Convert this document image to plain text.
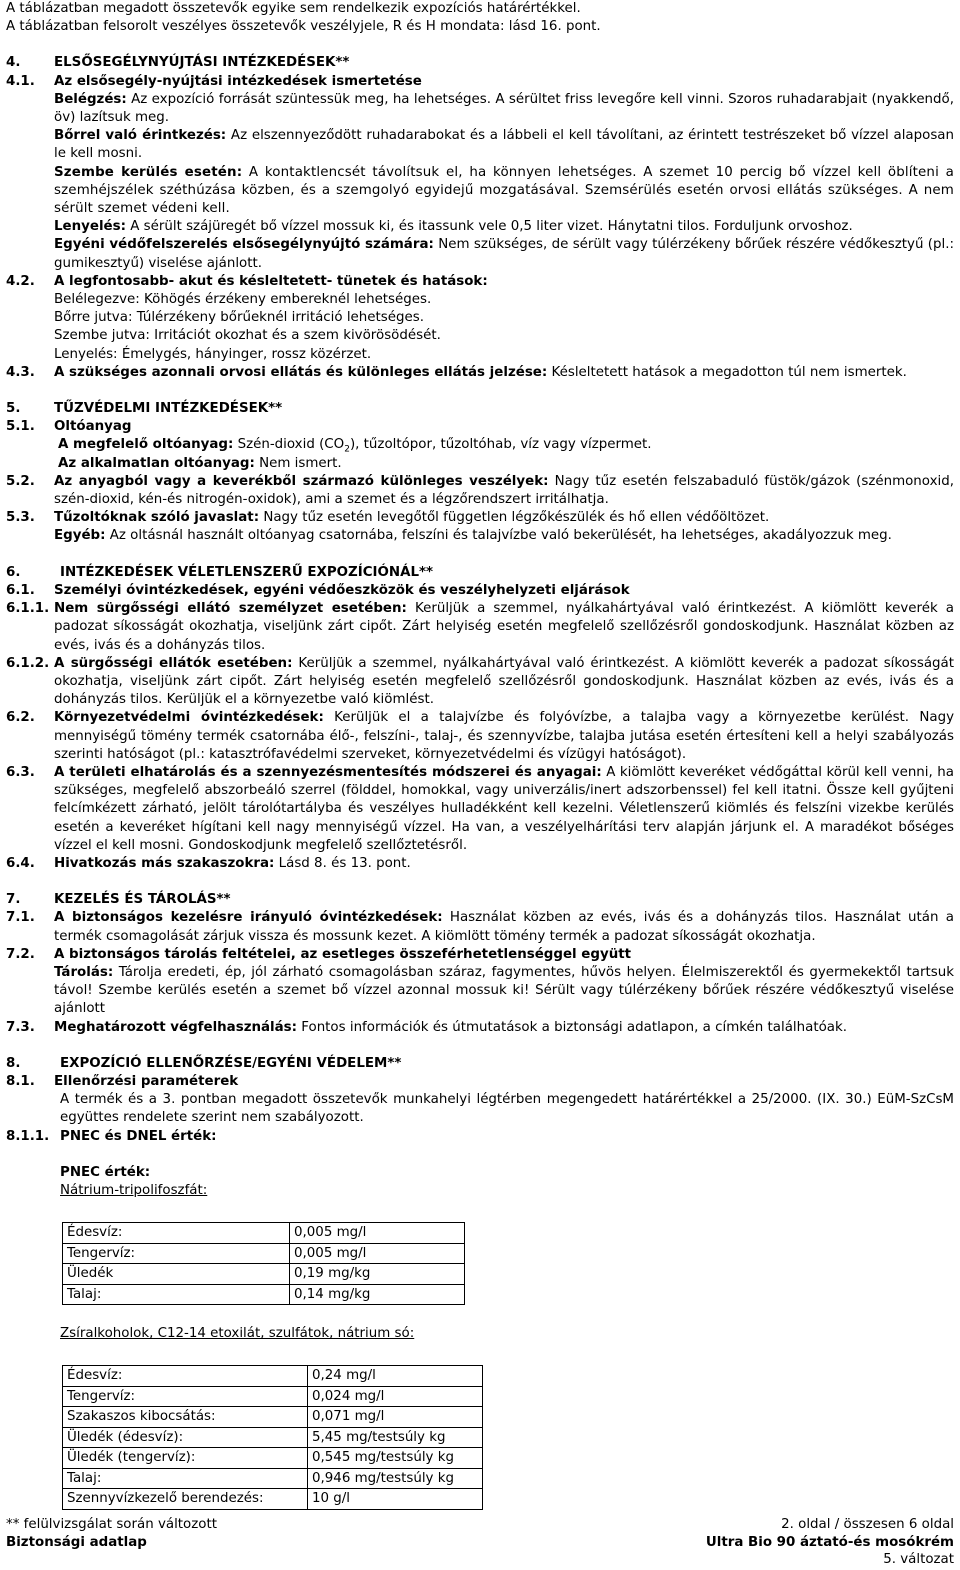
A táblázatban megadott összetevők egyike sem rendelkezik expozíciós határértékkel.
A táblázatban felsorolt veszélyes összetevők veszélyjele, R és H mondata: lásd 16. pont.
4.	ELSŐSEGÉLYNYÚJTÁSI INTÉZKEDÉSEK**
4.1.	Az elsősegély-nyújtási intézkedések ismertetése
Belégzés: Az expozíció forrását szüntessük meg, ha lehetséges. A sérültet friss levegőre kell vinni. Szoros ruhadarabjait (nyakkendő, öv) lazítsuk meg.
Bőrrel való érintkezés: Az elszennyeződött ruhadarabokat és a lábbeli el kell távolítani, az érintett testrészeket bő vízzel alaposan le kell mosni.
Szembe kerülés esetén: A kontaktlencsét távolítsuk el, ha könnyen lehetséges. A szemet 10 percig bő vízzel kell öblíteni a szemhéjszélek széthúzása közben, és a szemgolyó egyidejű mozgatásával. Szemsérülés esetén orvosi ellátás szükséges. A nem sérült szemet védeni kell.
Lenyelés: A sérült szájüregét bő vízzel mossuk ki, és itassunk vele 0,5 liter vizet. Hánytatni tilos. Forduljunk orvoshoz.
Egyéni védőfelszerelés elsősegélynyújtó számára: Nem szükséges, de sérült vagy túlérzékeny bőrűek részére védőkesztyű (pl.: gumikesztyű) viselése ajánlott.
4.2.	A legfontosabb- akut és késleltetett- tünetek és hatások:
Belélegezve: Köhögés érzékeny embereknél lehetséges.
Bőrre jutva: Túlérzékeny bőrűeknél irritáció lehetséges.
Szembe jutva: Irritációt okozhat és a szem kivörösödését.
Lenyelés: Émelygés, hányinger, rossz közérzet.
4.3.	A szükséges azonnali orvosi ellátás és különleges ellátás jelzése: Késleltetett hatások a megadotton túl nem ismertek.
5.	TŰZVÉDELMI INTÉZKEDÉSEK**
5.1.	Oltóanyag
A megfelelő oltóanyag: Szén-dioxid $(CO_2)$, tűzoltópor, tűzoltóhab, víz vagy vízpermet.
Az alkalmatlan oltóanyag: Nem ismert.
5.2.	Az anyagból vagy a keverékből származó különleges veszélyek: Nagy tűz esetén felszabaduló füstök/gázok (szénmonoxid, szén-dioxid, kén-és nitrogén-oxidok), ami a szemet és a légzőrendszert irritálhatja.
5.3.	Tűzoltóknak szóló javaslat: Nagy tűz esetén levegőtől független légzőkészülék és hő ellen védőöltözet.
Egyéb: Az oltásnál használt oltóanyag csatornába, felszíni és talajvízbe való bekerülését, ha lehetséges, akadályozzuk meg.
6.	INTÉZKEDÉSEK VÉLETLENSZERŰ EXPOZÍCIÓNÁL**
6.1.	Személyi óvintézkedések, egyéni védőeszközök és veszélyhelyzeti eljárások
6.1.1. Nem sürgősségi ellátó személyzet esetében: Kerüljük a szemmel, nyálkahártyával való érintkezést. A kiömlött keverék a padozat síkosságát okozhatja, viseljünk zárt cipőt. Zárt helyiség esetén megfelelő szellőzésről gondoskodjunk. Használat közben az evés, ivás és a dohányzás tilos.
6.1.2. A sürgősségi ellátók esetében: Kerüljük a szemmel, nyálkahártyával való érintkezést. A kiömlött keverék a padozat síkosságát okozhatja, viseljünk zárt cipőt. Zárt helyiség esetén megfelelő szellőzésről gondoskodjunk. Használat közben az evés, ivás és a dohányzás tilos. Kerüljük el a környezetbe való kiömlést.
6.2.	Környezetvédelmi óvintézkedések: Kerüljük el a talajvízbe és folyóvízbe, a talajba vagy a környezetbe kerülést. Nagy mennyiségű tömény termék csatornába élő-, felszíni-, talaj-, és szennyvízbe, talajba jutása esetén értesíteni kell a helyi szabályozás szerinti hatóságot (pl.: katasztrófavédelmi szerveket, környezetvédelmi és vízügyi hatóságot).
6.3.	A területi elhatárolás és a szennyezésmentesítés módszerei és anyagai: A kiömlött keveréket védőgáttal körül kell venni, ha szükséges, megfelelő abszorbeáló szerrel (földdel, homokkal, vagy univerzális/inert adszorbenssel) fel kell itatni. Össze kell gyűjteni felcímkézett zárható, jelölt tárolótartályba és veszélyes hulladékként kell kezelni. Véletlenszerű kiömlés és felszíni vizekbe kerülés esetén a keveréket hígítani kell nagy mennyiségű vízzel. Ha van, a veszélyelhárítási terv alapján járjunk el. A maradékot bőséges vízzel el kell mosni. Gondoskodjunk megfelelő szellőztetésről.
6.4.	Hivatkozás más szakaszokra: Lásd 8. és 13. pont.
7.	KEZELÉS ÉS TÁROLÁS**
7.1.	A biztonságos kezelésre irányuló óvintézkedések: Használat közben az evés, ivás és a dohányzás tilos. Használat után a termék csomagolását zárjuk vissza és mossunk kezet. A kiömlött tömény termék a padozat síkosságát okozhatja.
7.2.	A biztonságos tárolás feltételei, az esetleges összeférhetetlenséggel együtt
Tárolás: Tárolja eredeti, ép, jól zárható csomagolásban száraz, fagymentes, hűvös helyen. Élelmiszerektől és gyermekektől tartsuk távol! Szembe kerülés esetén a szemet bő vízzel azonnal mossuk ki! Sérült vagy túlérzékeny bőrűek részére védőkesztyű viselése ajánlott
7.3.	Meghatározott végfelhasználás: Fontos információk és útmutatások a biztonsági adatlapon, a címkén találhatóak.
8.	EXPOZÍCIÓ ELLENŐRZÉSE/EGYÉNI VÉDELEM**
8.1.	Ellenőrzési paraméterek
A termék és a 3. pontban megadott összetevők munkahelyi légtérben megengedett határértékkel a 25/2000. (IX. 30.) EüM-SzCsM együttes rendelete szerint nem szabályozott.
8.1.1. PNEC és DNEL érték:
PNEC érték:
Nátrium-tripolifoszfát:
Édesvíz:	0,005 mg/l
Tengervíz:	0,005 mg/l
Üledék	0,19 mg/kg
Talaj:	0,14 mg/kg
Zsíralkoholok, C12-14 etoxilát, szulfátok, nátrium só:
Édesvíz:	0,24 mg/l
Tengervíz:	0,024 mg/l
Szakaszos kibocsátás:	0,071 mg/l
Üledék (édesvíz):	5,45 mg/testsúly kg
Üledék (tengervíz):	0,545 mg/testsúly kg
Talaj:	0,946 mg/testsúly kg
Szennyvízkezelő berendezés:	10 g/l
** felülvizsgálat során változott	2. oldal / összesen 6 oldal
Biztonsági adatlap	Ultra Bio 90 áztató-és mosókrém
5. változat
